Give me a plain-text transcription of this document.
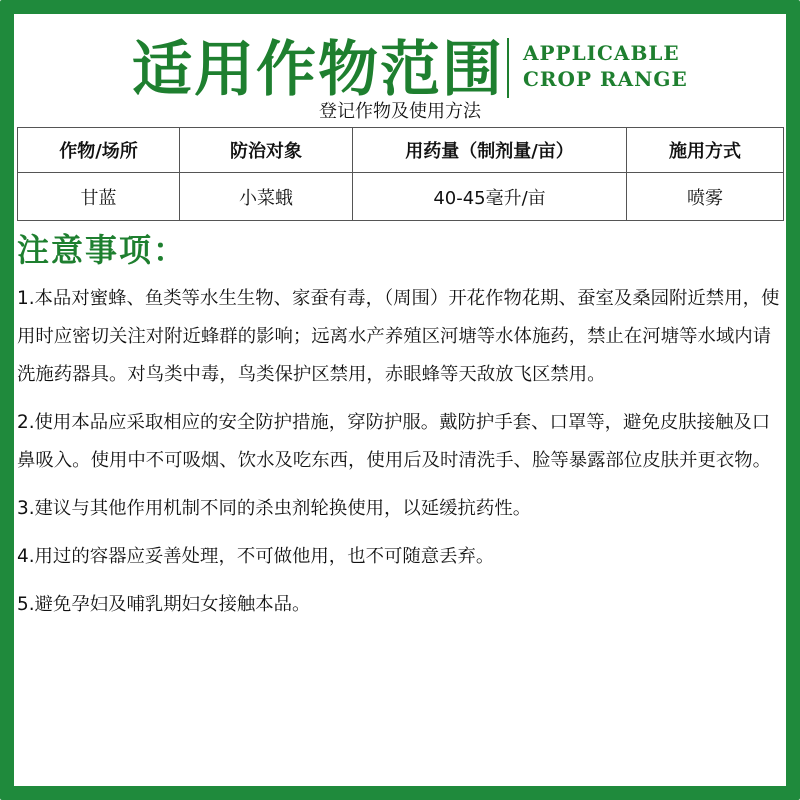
适用作物范围 APPLICABLE
CROP RANGE
登记作物及使用方法
作物/场所	防治对象	用药量（制剂量/亩）	施用方式
甘蓝	小菜蛾	40-45毫升/亩	喷雾
注意事项：

1.本品对蜜蜂、鱼类等水生生物、家蚕有毒，（周围）开花作物花期、蚕室及桑园附近禁用，使用时应密切关注对附近蜂群的影响；远离水产养殖区河塘等水体施药，禁止在河塘等水域内请洗施药器具。对鸟类中毒，鸟类保护区禁用，赤眼蜂等天敌放飞区禁用。

2.使用本品应采取相应的安全防护措施，穿防护服。戴防护手套、口罩等，避免皮肤接触及口鼻吸入。使用中不可吸烟、饮水及吃东西，使用后及时清洗手、脸等暴露部位皮肤并更衣物。

3.建议与其他作用机制不同的杀虫剂轮换使用，以延缓抗药性。

4.用过的容器应妥善处理，不可做他用，也不可随意丢弃。

5.避免孕妇及哺乳期妇女接触本品。
